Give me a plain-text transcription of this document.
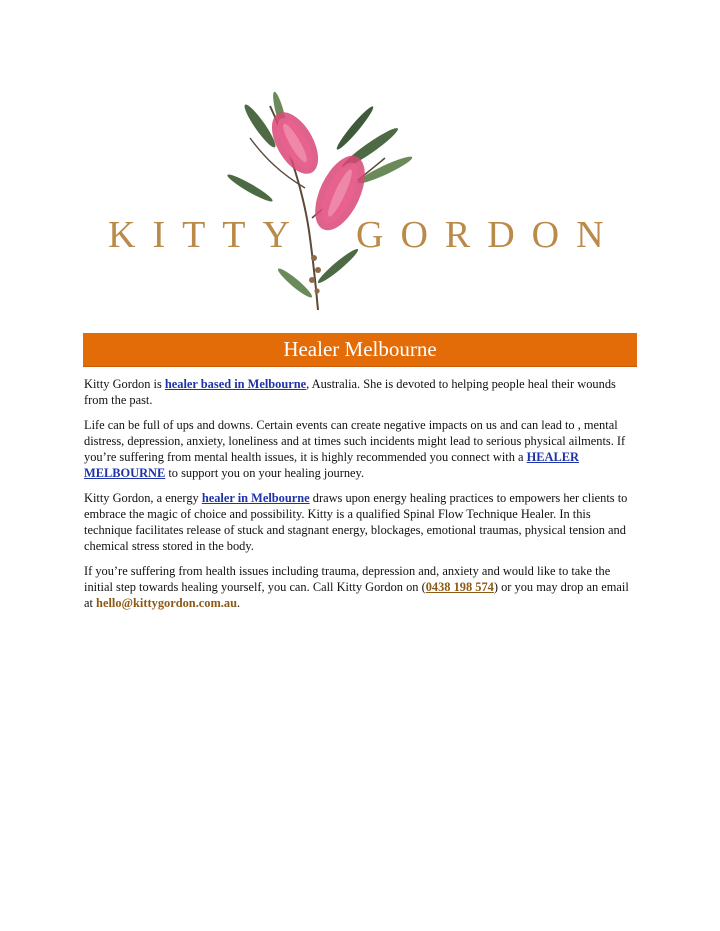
KITTY GORDON
Healer Melbourne

Kitty Gordon is healer based in Melbourne, Australia. She is devoted to helping people heal their wounds from the past.

Life can be full of ups and downs. Certain events can create negative impacts on us and can lead to , mental distress, depression, anxiety, loneliness and at times such incidents might lead to serious physical ailments. If you’re suffering from mental health issues, it is highly recommended you connect with a HEALER MELBOURNE to support you on your healing journey.

Kitty Gordon, a energy healer in Melbourne draws upon energy healing practices to empowers her clients to embrace the magic of choice and possibility. Kitty is a qualified Spinal Flow Technique Healer. In this technique facilitates release of stuck and stagnant energy, blockages, emotional traumas, physical tension and chemical stress stored in the body.

If you’re suffering from health issues including trauma, depression and, anxiety and would like to take the initial step towards healing yourself, you can. Call Kitty Gordon on (0438 198 574) or you may drop an email at hello@kittygordon.com.au.
